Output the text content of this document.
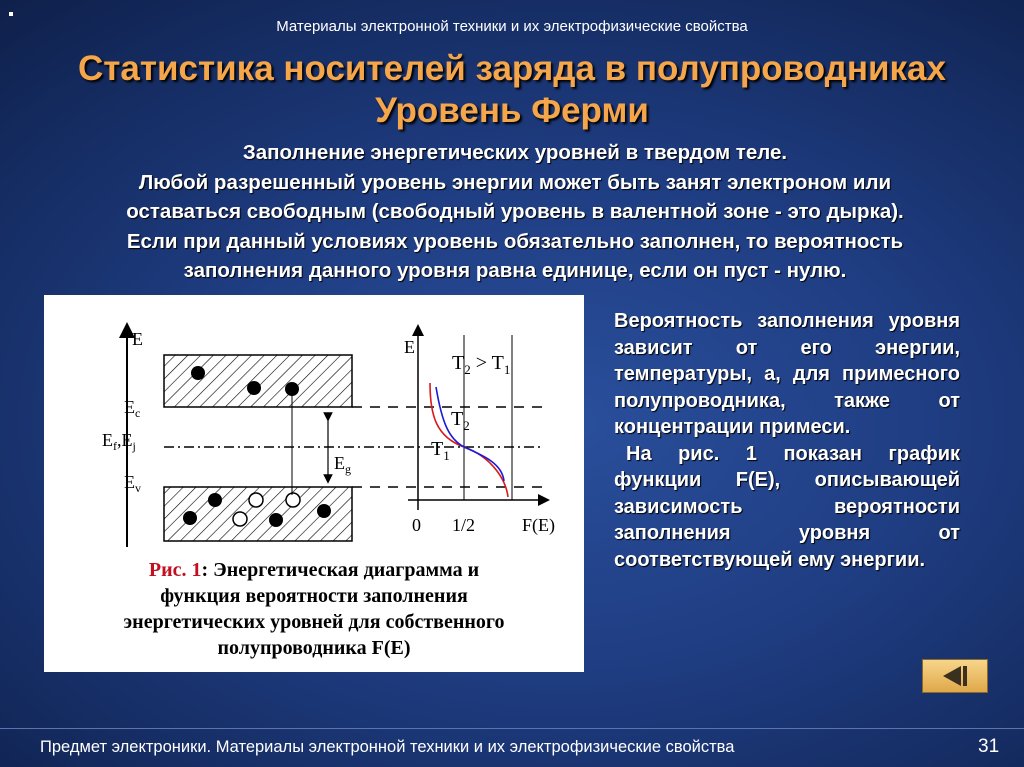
Материалы электронной техники и их электрофизические свойства
Статистика носителей заряда в полупроводниках
Уровень Ферми
Заполнение энергетических уровней в твердом теле.
Любой разрешенный уровень энергии может быть занят электроном или
оставаться свободным (свободный уровень в валентной зоне - это дырка).
Если при данный условиях уровень обязательно заполнен, то вероятность
заполнения данного уровня равна единице, если он пуст - нулю.
E
$E_c$
$E_f,E_j$
$E_v$
$E_g$
E
$T_2 > T_1$
$T_2$
$T_1$
0 1/2	F(E)
Рис. 1: Энергетическая диаграмма и
функция вероятности заполнения
энергетических уровней для собственного
полупроводника F(E)

Вероятность заполнения уровня зависит от его энергии, температуры, а, для примесного полупроводника, также от концентрации примеси.

На рис. 1 показан график функции F(E), описывающей зависимость вероятности заполнения уровня от соответствующей ему энергии.

Предмет электроники. Материалы электронной техники и их электрофизические свойства	31
